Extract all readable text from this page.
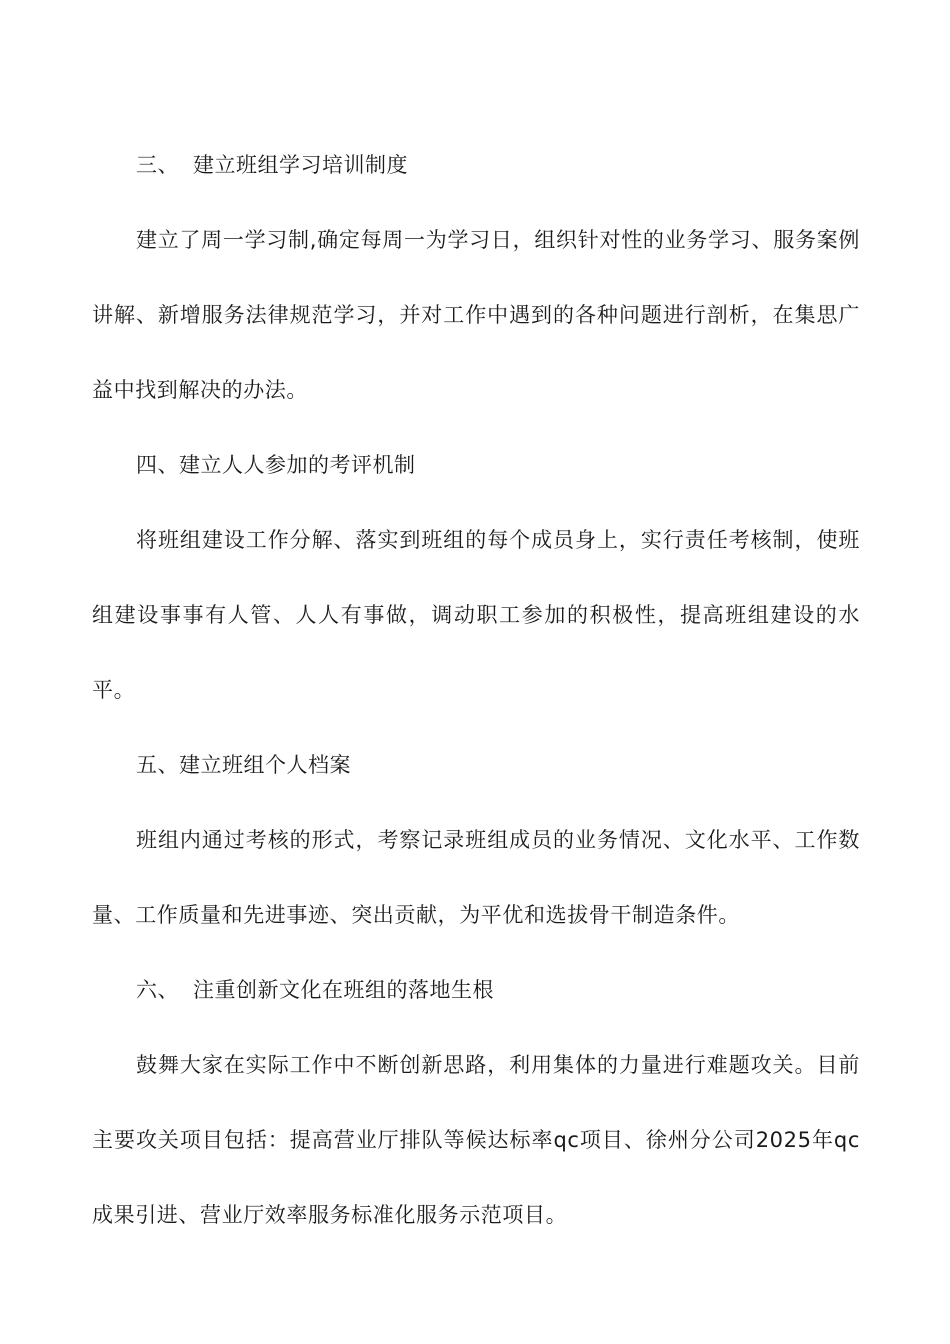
三、 建立班组学习培训制度

建立了周一学习制,确定每周一为学习日，组织针对性的业务学习、服务案例讲解、新增服务法律规范学习，并对工作中遇到的各种问题进行剖析，在集思广益中找到解决的办法。

四、建立人人参加的考评机制

将班组建设工作分解、落实到班组的每个成员身上，实行责任考核制，使班组建设事事有人管、人人有事做，调动职工参加的积极性，提高班组建设的水平。

五、建立班组个人档案

班组内通过考核的形式，考察记录班组成员的业务情况、文化水平、工作数量、工作质量和先进事迹、突出贡献，为平优和选拔骨干制造条件。

六、 注重创新文化在班组的落地生根

鼓舞大家在实际工作中不断创新思路，利用集体的力量进行难题攻关。目前主要攻关项目包括：提高营业厅排队等候达标率qc项目、徐州分公司2025年qc成果引进、营业厅效率服务标准化服务示范项目。
